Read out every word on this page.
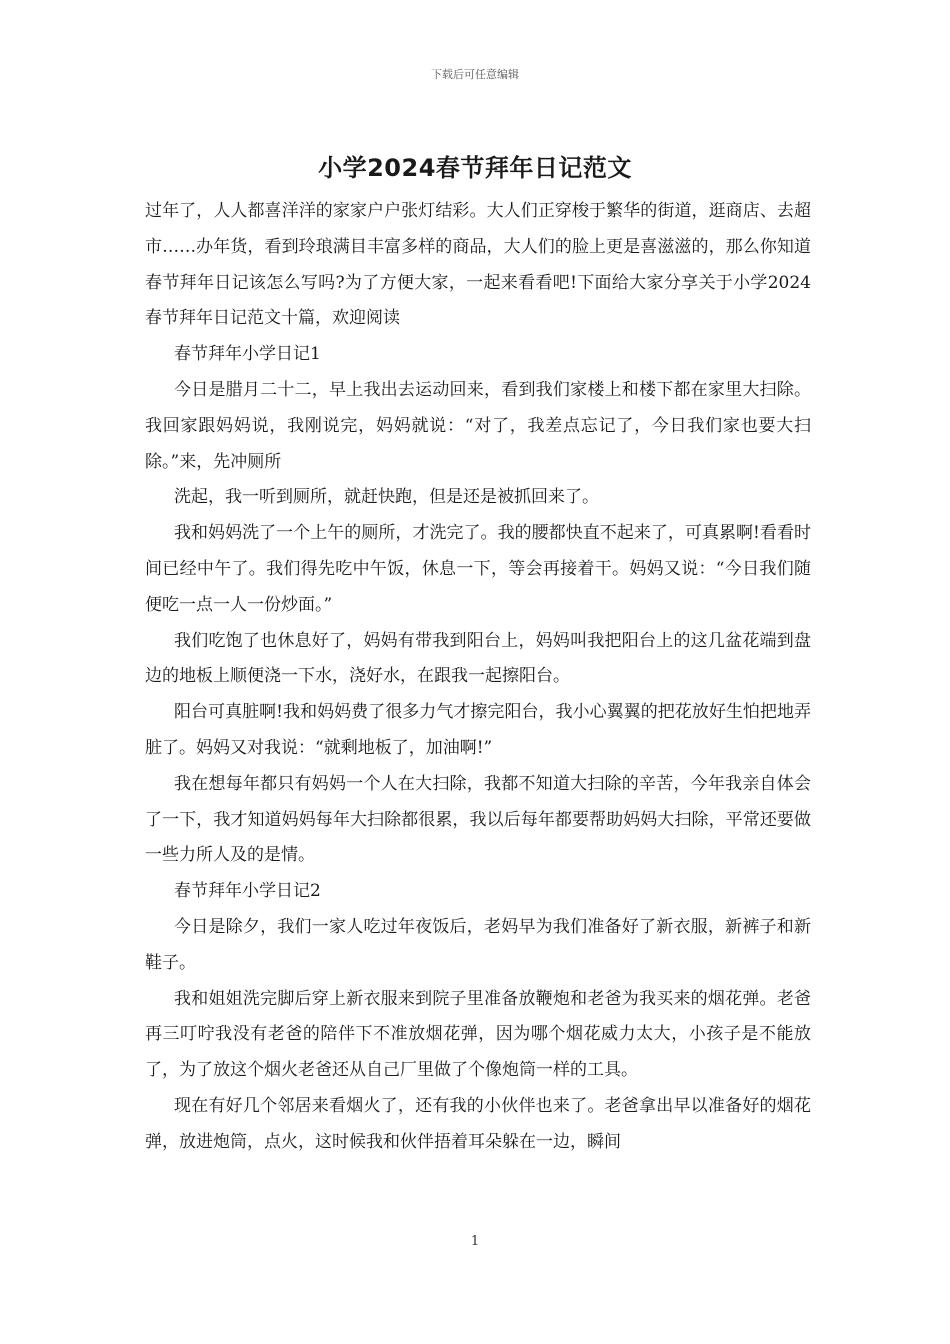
下载后可任意编辑
小学2024春节拜年日记范文

过年了，人人都喜洋洋的家家户户张灯结彩。大人们正穿梭于繁华的街道，逛商店、去超市……办年货，看到玲琅满目丰富多样的商品，大人们的脸上更是喜滋滋的，那么你知道春节拜年日记该怎么写吗?为了方便大家，一起来看看吧!下面给大家分享关于小学2024春节拜年日记范文十篇，欢迎阅读

春节拜年小学日记1

今日是腊月二十二，早上我出去运动回来，看到我们家楼上和楼下都在家里大扫除。我回家跟妈妈说，我刚说完，妈妈就说：“对了，我差点忘记了，今日我们家也要大扫除。”来，先冲厕所

洗起，我一听到厕所，就赶快跑，但是还是被抓回来了。

我和妈妈洗了一个上午的厕所，才洗完了。我的腰都快直不起来了，可真累啊!看看时间已经中午了。我们得先吃中午饭，休息一下，等会再接着干。妈妈又说：“今日我们随便吃一点一人一份炒面。”

我们吃饱了也休息好了，妈妈有带我到阳台上，妈妈叫我把阳台上的这几盆花端到盘边的地板上顺便浇一下水，浇好水，在跟我一起擦阳台。

阳台可真脏啊!我和妈妈费了很多力气才擦完阳台，我小心翼翼的把花放好生怕把地弄脏了。妈妈又对我说：“就剩地板了，加油啊!”

我在想每年都只有妈妈一个人在大扫除，我都不知道大扫除的辛苦，今年我亲自体会了一下，我才知道妈妈每年大扫除都很累，我以后每年都要帮助妈妈大扫除，平常还要做一些力所人及的是情。

春节拜年小学日记2

今日是除夕，我们一家人吃过年夜饭后，老妈早为我们准备好了新衣服，新裤子和新鞋子。

我和姐姐洗完脚后穿上新衣服来到院子里准备放鞭炮和老爸为我买来的烟花弹。老爸再三叮咛我没有老爸的陪伴下不准放烟花弹，因为哪个烟花威力太大，小孩子是不能放了，为了放这个烟火老爸还从自己厂里做了个像炮筒一样的工具。

现在有好几个邻居来看烟火了，还有我的小伙伴也来了。老爸拿出早以准备好的烟花弹，放进炮筒，点火，这时候我和伙伴捂着耳朵躲在一边，瞬间

1
